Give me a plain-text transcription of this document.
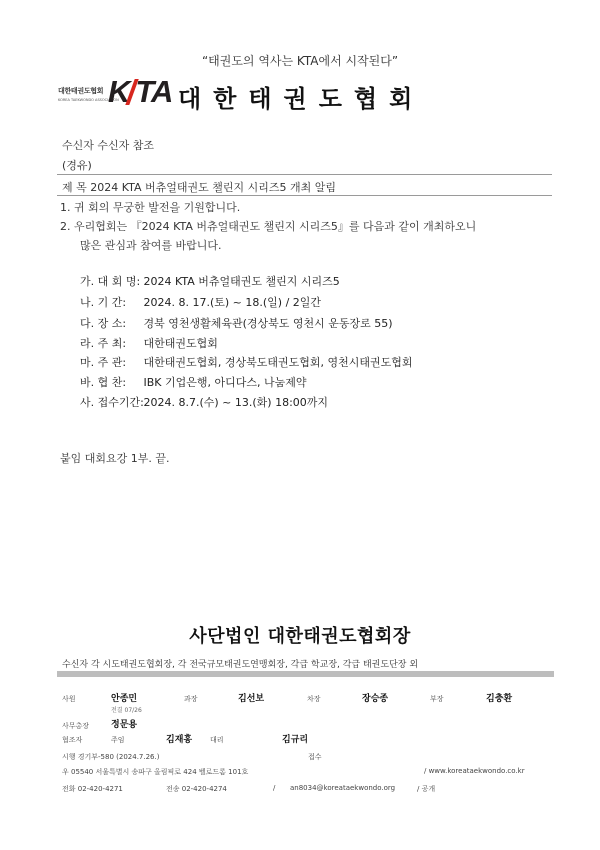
“태권도의 역사는 KTA에서 시작된다”
대한태권도협회
KOREA TAEKWONDO ASSOCIATION
K TA 대한태권도협회
수신자 수신자 참조
(경유)
제 목 2024 KTA 버츄얼태권도 챌린지 시리즈5 개최 알림
1. 귀 회의 무궁한 발전을 기원합니다.
2. 우리협회는 『2024 KTA 버츄얼태권도 챌린지 시리즈5』를 다음과 같이 개최하오니
많은 관심과 참여를 바랍니다.
가. 대 회 명: 2024 KTA 버츄얼태권도 챌린지 시리즈5
나. 기 간: 2024. 8. 17.(토) ~ 18.(일) / 2일간
다. 장 소: 경북 영천생활체육관(경상북도 영천시 운동장로 55)
라. 주 최: 대한태권도협회
마. 주 관: 대한태권도협회, 경상북도태권도협회, 영천시태권도협회
바. 협 찬: IBK 기업은행, 아디다스, 나눔제약
사. 접수기간: 2024. 8.7.(수) ~ 13.(화) 18:00까지
붙임 대회요강 1부. 끝.
사단법인 대한태권도협회장
수신자 각 시도태권도협회장, 각 전국규모태권도연맹회장, 각급 학교장, 각급 태권도단장 외
사원	안종민
전결 07/26
과장	김선보	차장	장승종	부장	김충환
사무총장 정문용
협조자	주임	김재홍	대리	김규리
시행 경기부-580 (2024.7.26.)	접수
우 05540 서울특별시 송파구 올림픽로 424 벨로드롬 101호	/ www.koreataekwondo.co.kr
전화 02-420-4271	전송 02-420-4274	/ an8034@koreataekwondo.org	/ 공개
